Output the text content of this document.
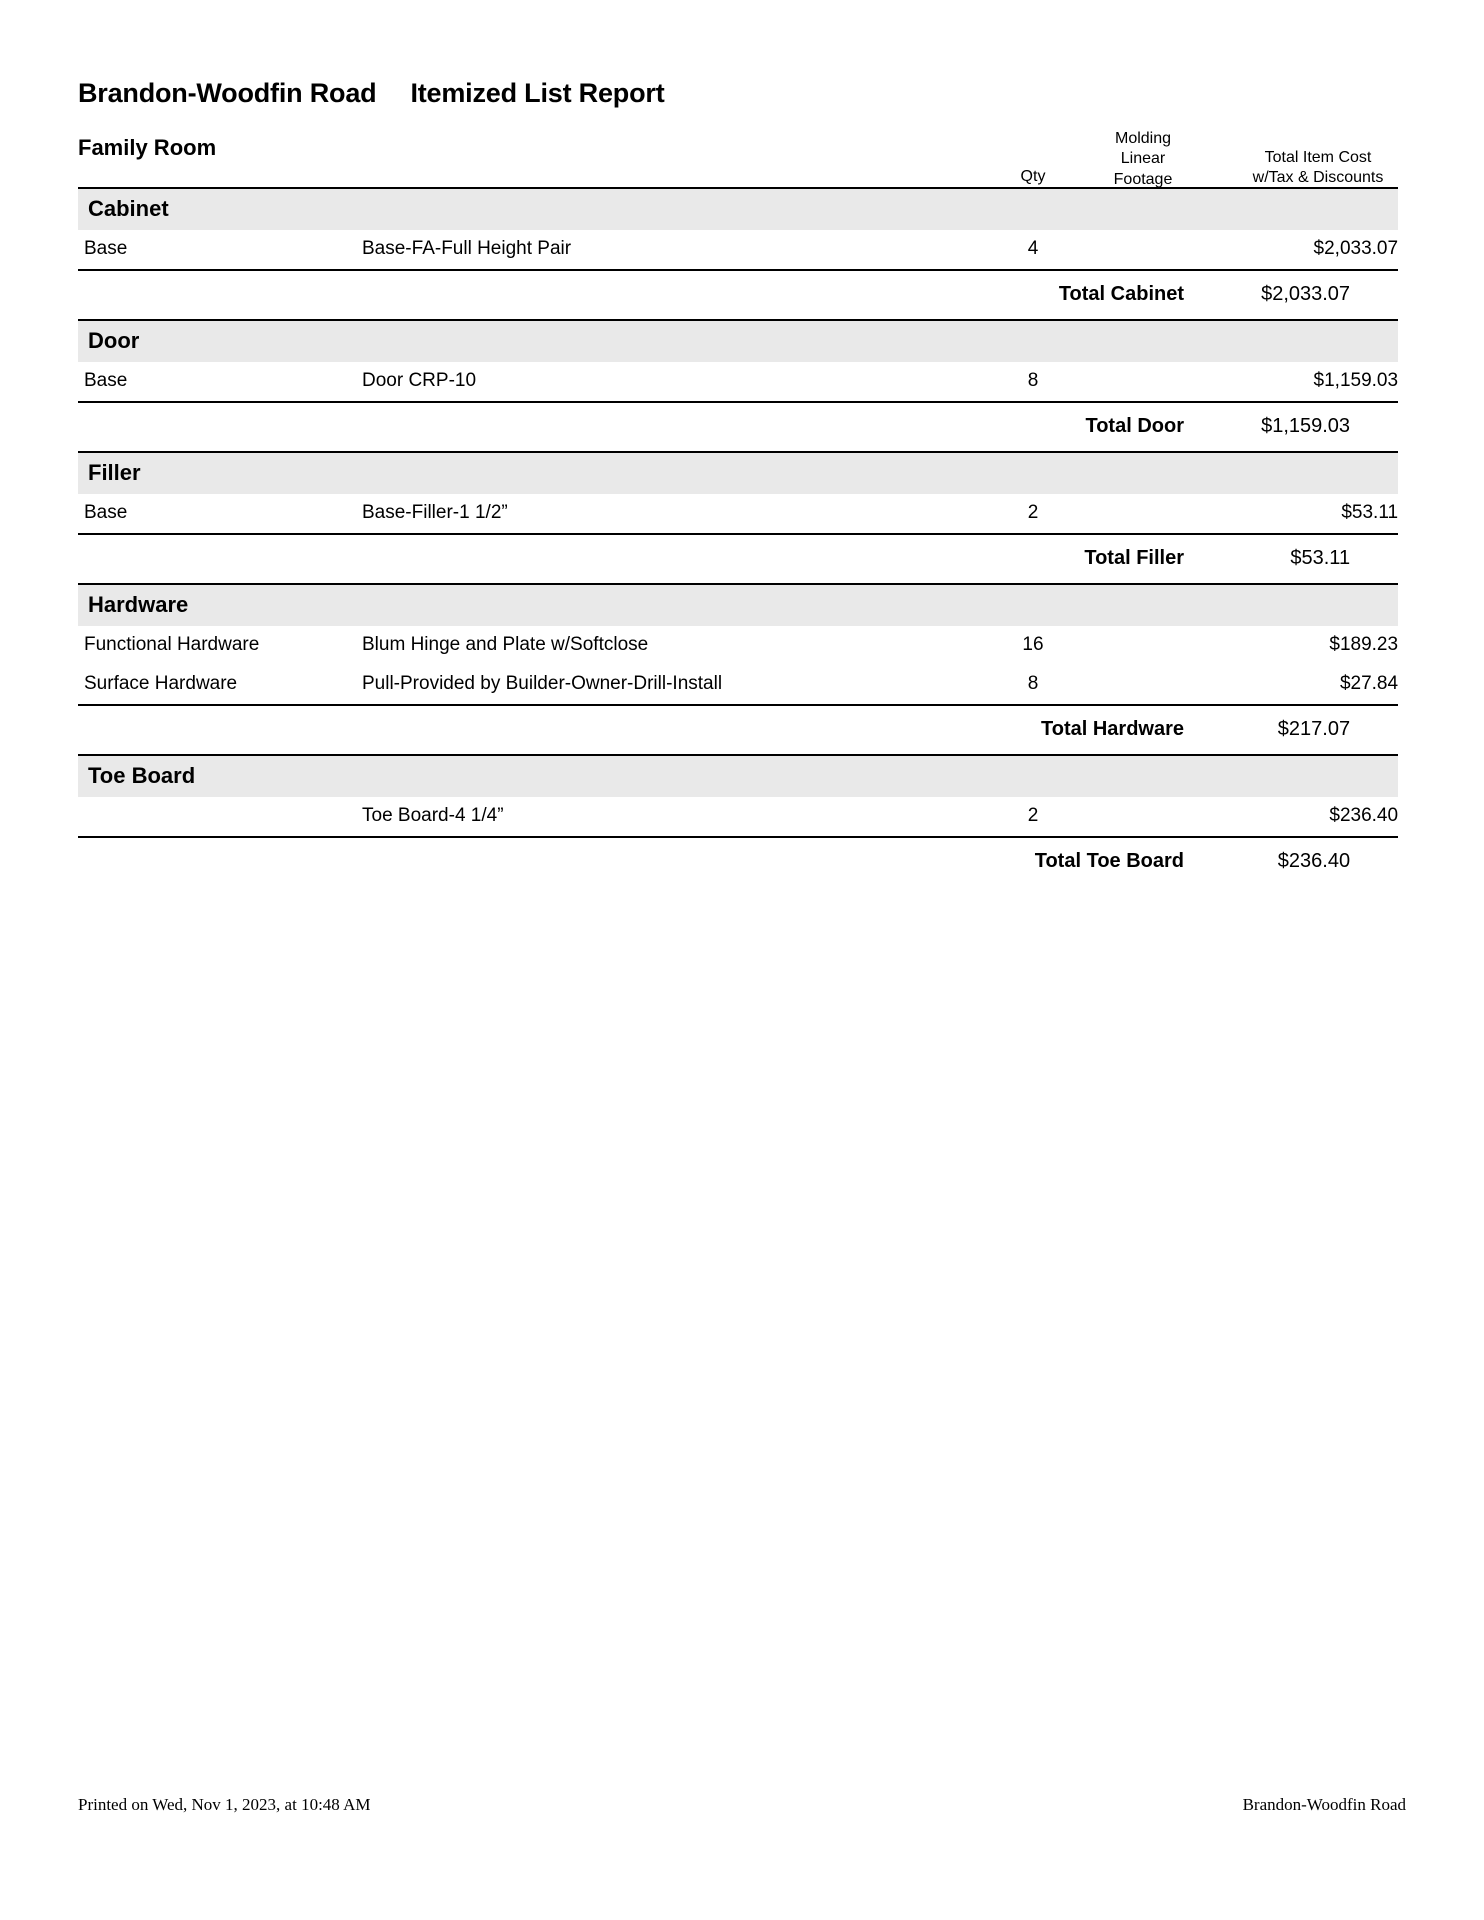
Brandon-Woodfin Road Itemized List Report
Family Room
Qty
Molding
Linear
Footage
Total Item Cost
w/Tax & Discounts
Cabinet				
Base	Base-FA-Full Height Pair	4		$2,033.07
	Total Cabinet			$2,033.07
Door				
Base	Door CRP-10	8		$1,159.03
	Total Door			$1,159.03
Filler				
Base	Base-Filler-1 1/2”	2		$53.11
	Total Filler			$53.11
Hardware				
Functional Hardware	Blum Hinge and Plate w/Softclose	16		$189.23
Surface Hardware	Pull-Provided by Builder-Owner-Drill-Install	8		$27.84
	Total Hardware			$217.07
Toe Board				
	Toe Board-4 1/4”	2		$236.40
	Total Toe Board			$236.40
Printed on Wed, Nov 1, 2023, at 10:48 AM	Brandon-Woodfin Road
